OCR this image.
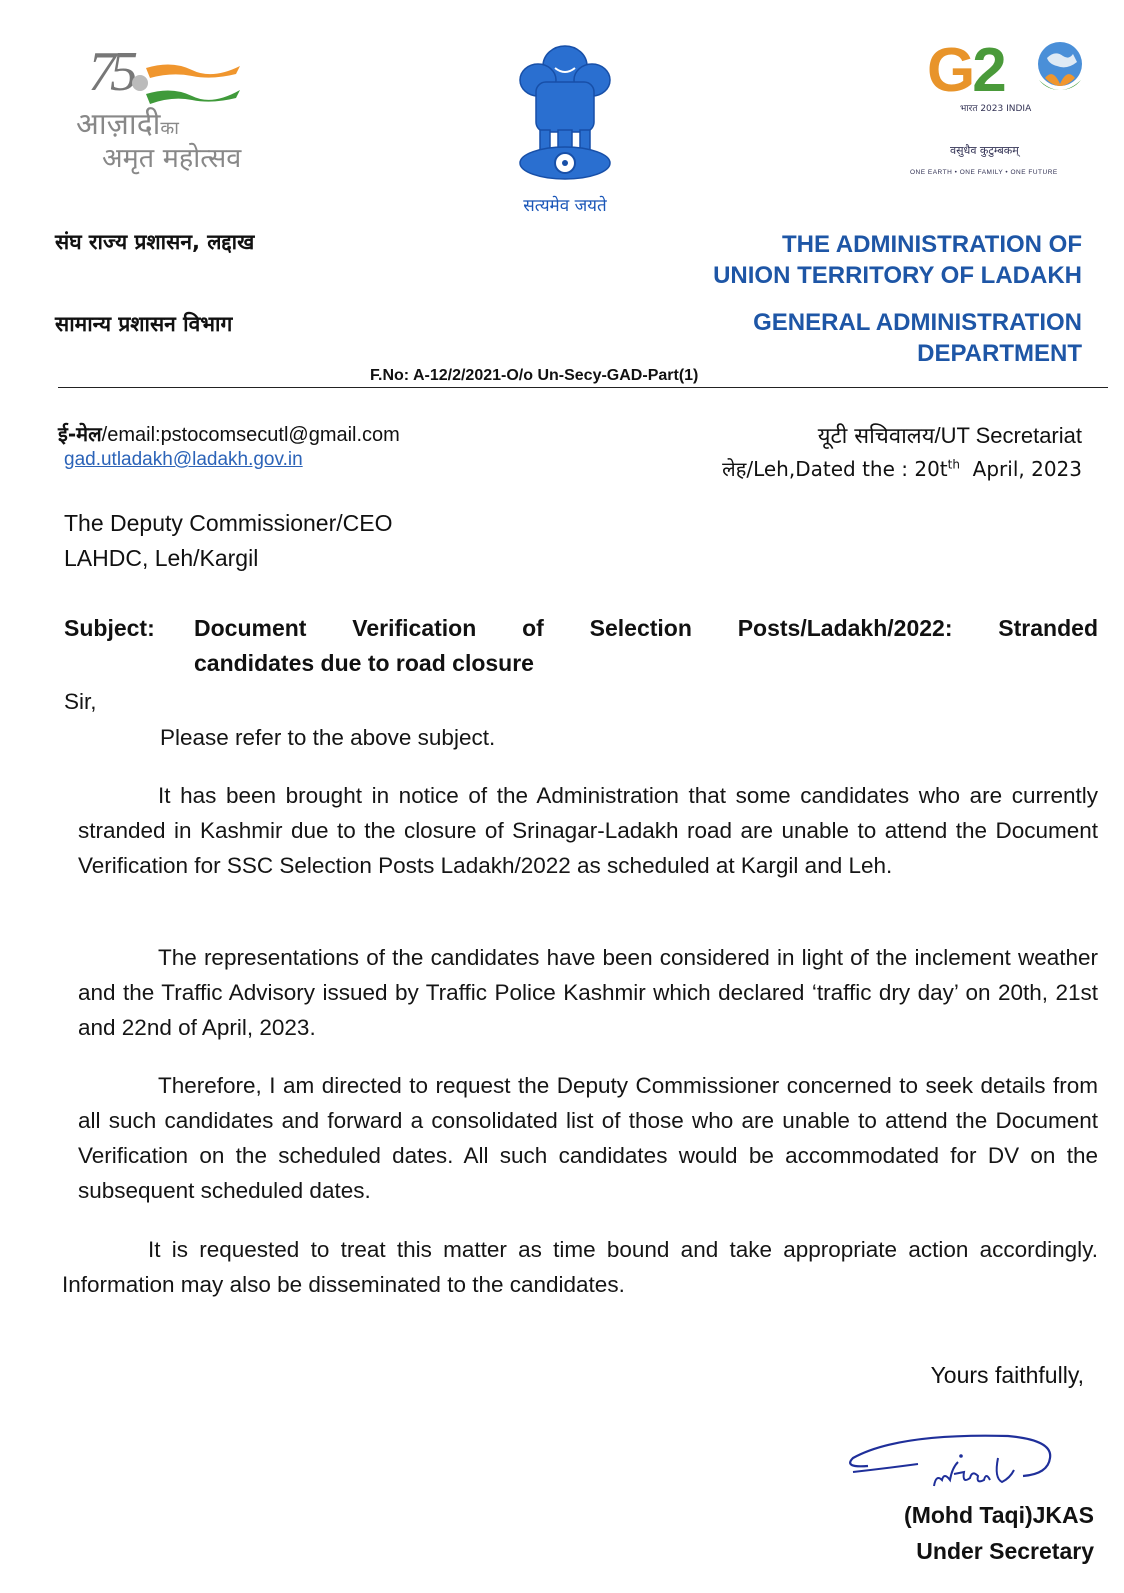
75
आज़ादीका
अमृत महोत्सव
सत्यमेव जयते
G2
भारत 2023 INDIA
वसुधैव कुटुम्बकम्
ONE EARTH • ONE FAMILY • ONE FUTURE
संघ राज्य प्रशासन, लद्दाख
सामान्य प्रशासन विभाग
THE ADMINISTRATION OF
UNION TERRITORY OF LADAKH
GENERAL ADMINISTRATION
DEPARTMENT
F.No: A-12/2/2021-O/o Un-Secy-GAD-Part(1)
ई-मेल/email:pstocomsecutl@gmail.com
gad.utladakh@ladakh.gov.in
यूटी सचिवालय/UT Secretariat
लेह/Leh,Dated the : $20t^{th}$  April, 2023
The Deputy Commissioner/CEO
LAHDC, Leh/Kargil
Subject: Document Verification of Selection Posts/Ladakh/2022: Stranded
candidates due to road closure
Sir,
Please refer to the above subject.
It has been brought in notice of the Administration that some candidates who are currently stranded in Kashmir due to the closure of Srinagar-Ladakh road are unable to attend the Document Verification for SSC Selection Posts Ladakh/2022 as scheduled at Kargil and Leh.
The representations of the candidates have been considered in light of the inclement weather and the Traffic Advisory issued by Traffic Police Kashmir which declared ‘traffic dry day’ on 20th, 21st and 22nd of April, 2023.
Therefore, I am directed to request the Deputy Commissioner concerned to seek details from all such candidates and forward a consolidated list of those who are unable to attend the Document Verification on the scheduled dates. All such candidates would be accommodated for DV on the subsequent scheduled dates.
It is requested to treat this matter as time bound and take appropriate action accordingly. Information may also be disseminated to the candidates.
Yours faithfully,
(Mohd Taqi)JKAS
Under Secretary
